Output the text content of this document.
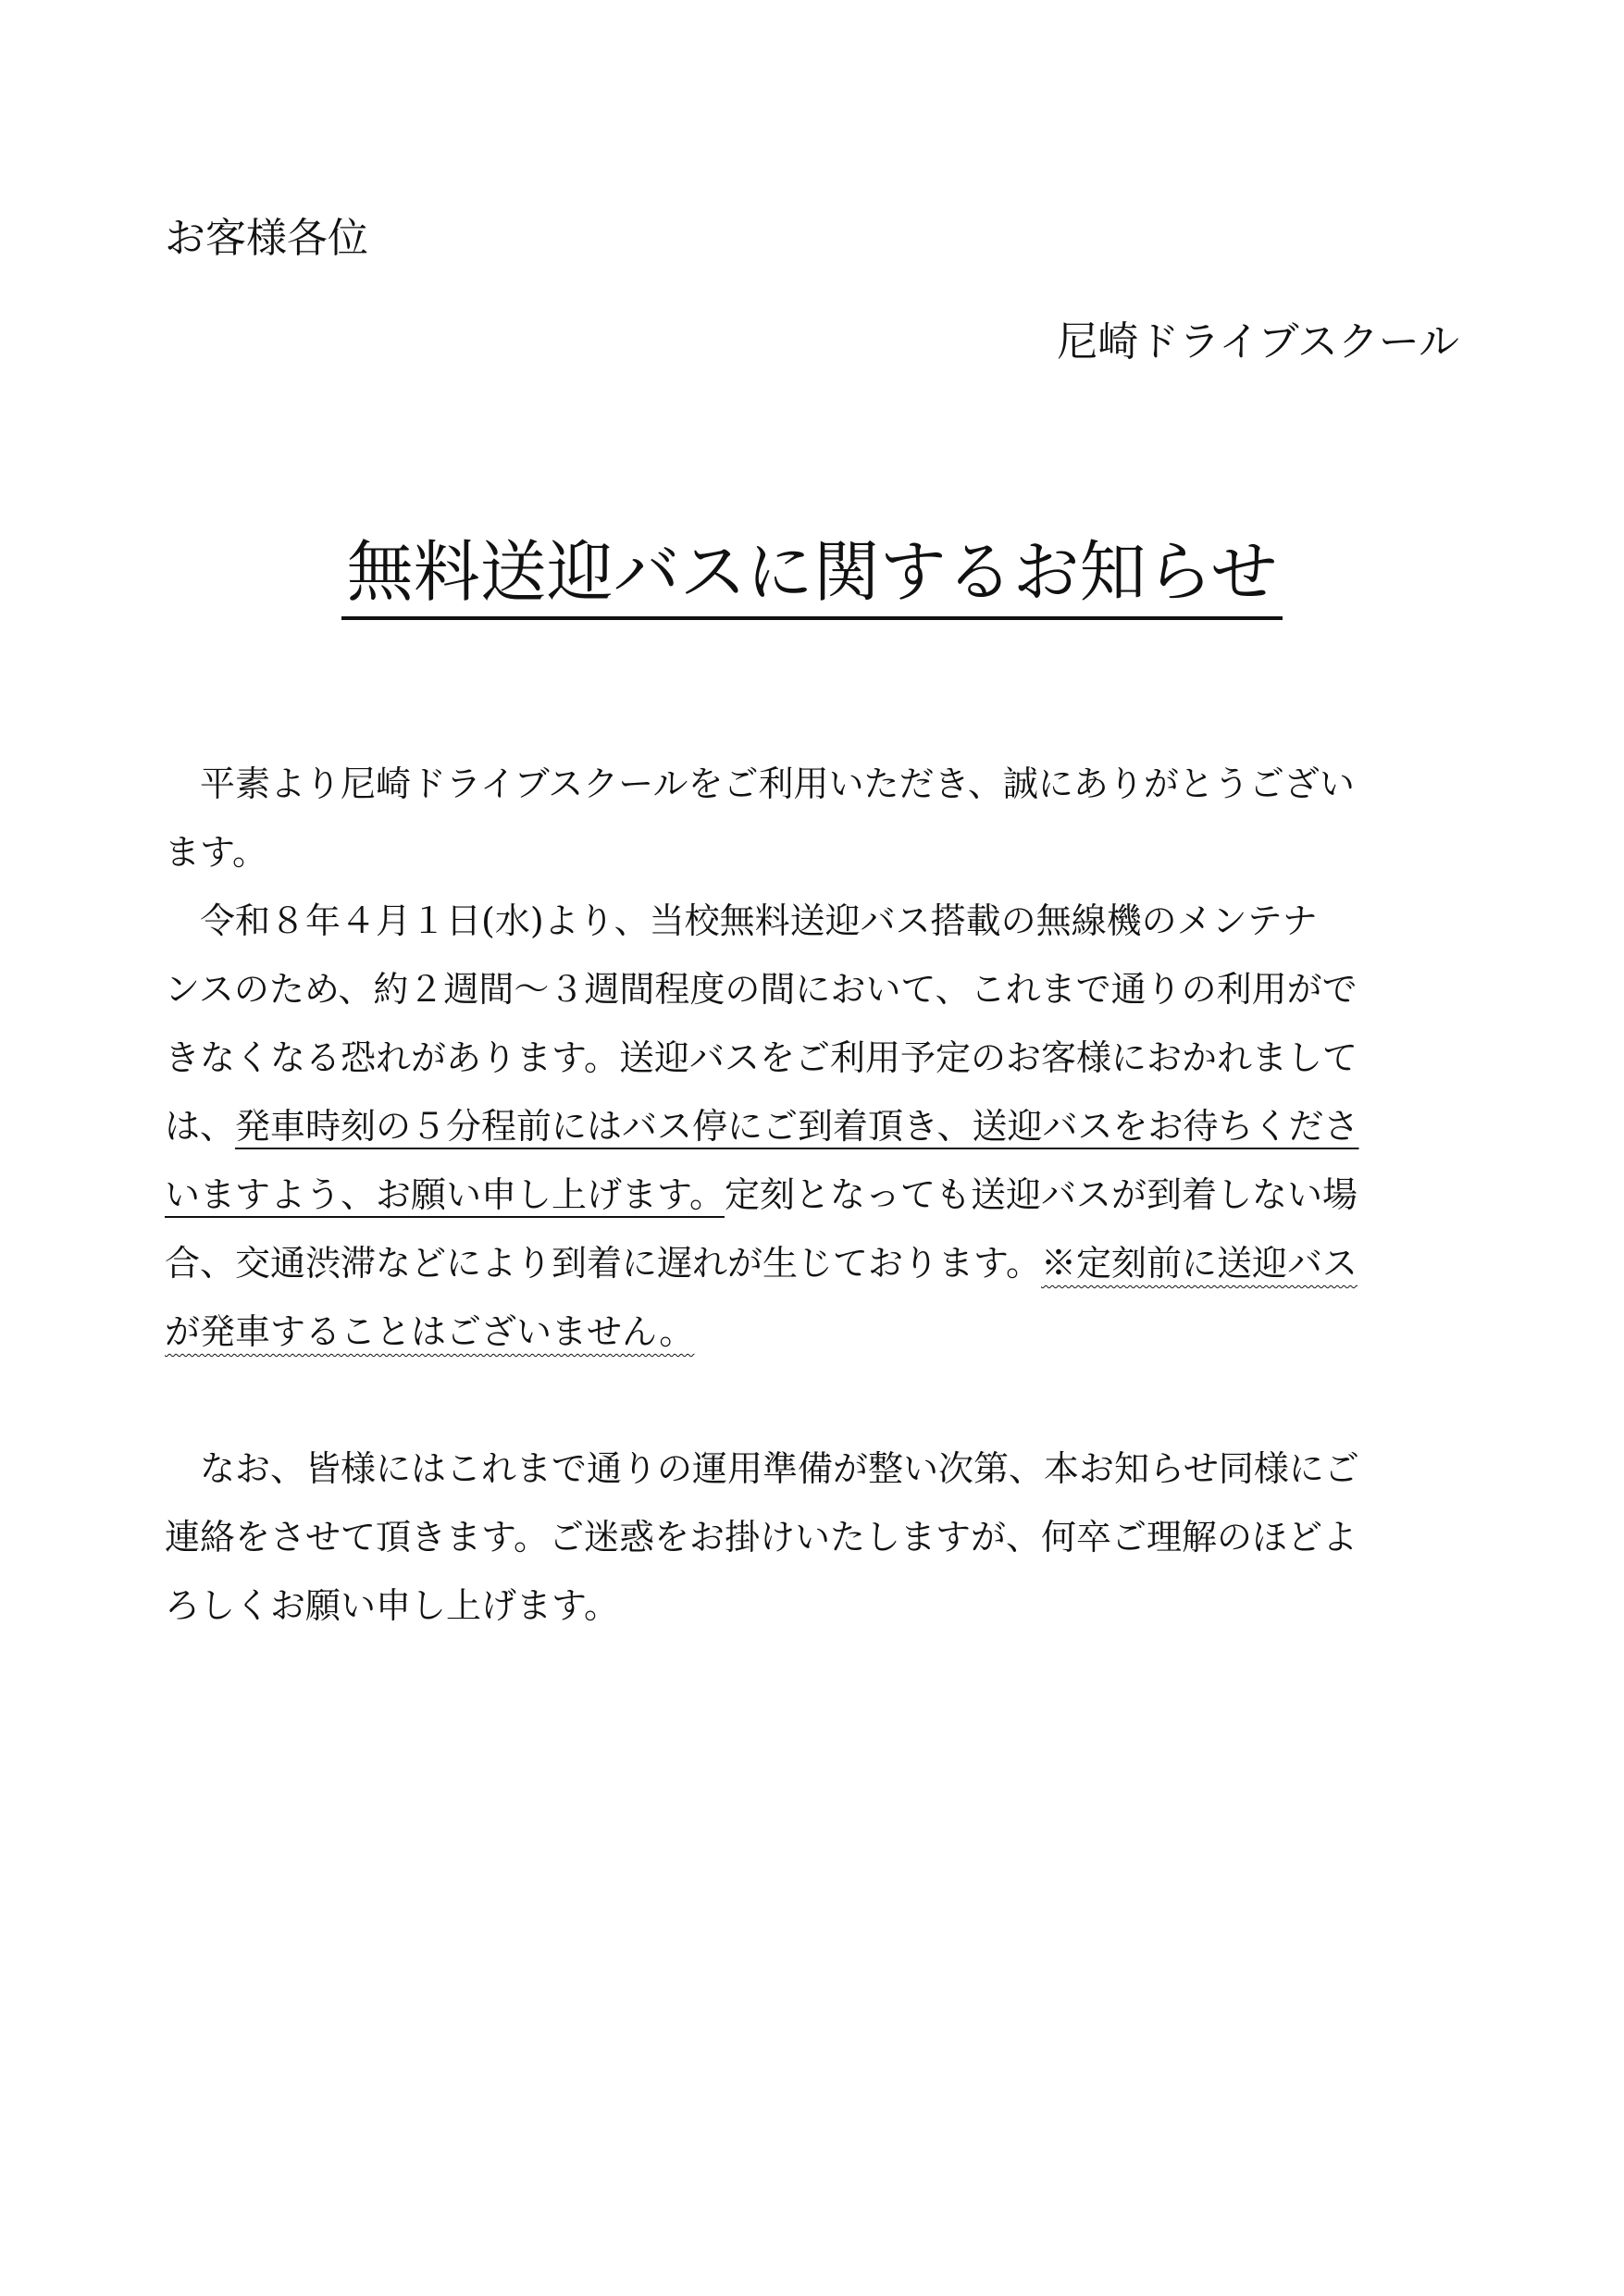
お客様各位
尼崎ドライブスクール
無料送迎バスに関するお知らせ
　平素より尼崎ドライブスクールをご利用いただき、誠にありがとうござい
ます。
　令和８年４月１日(水)より、当校無料送迎バス搭載の無線機のメンテナ
ンスのため、約２週間～３週間程度の間において、これまで通りの利用がで
きなくなる恐れがあります。送迎バスをご利用予定のお客様におかれまして
は、発車時刻の５分程前にはバス停にご到着頂き、送迎バスをお待ちくださ
いますよう、お願い申し上げます。定刻となっても送迎バスが到着しない場
合、交通渋滞などにより到着に遅れが生じております。※定刻前に送迎バス
が発車することはございません。
　なお、皆様にはこれまで通りの運用準備が整い次第、本お知らせ同様にご
連絡をさせて頂きます。ご迷惑をお掛けいたしますが、何卒ご理解のほどよ
ろしくお願い申し上げます。
